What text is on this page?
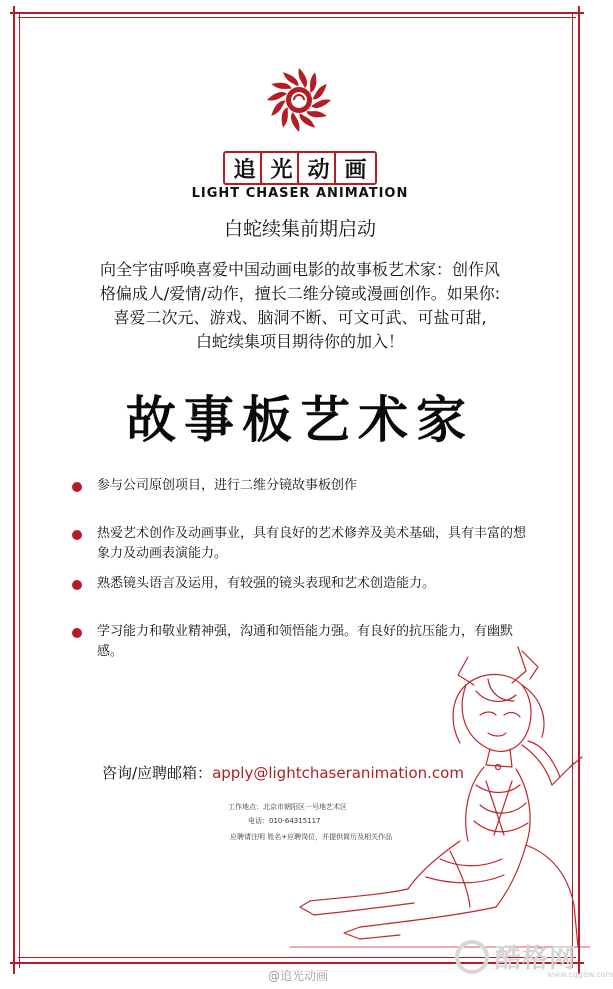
追 光 动 画
LIGHT CHASER ANIMATION
白蛇续集前期启动
向全宇宙呼唤喜爱中国动画电影的故事板艺术家：创作风
格偏成人/爱情/动作，擅长二维分镜或漫画创作。如果你:
喜爱二次元、游戏、脑洞不断、可文可武、可盐可甜,
白蛇续集项目期待你的加入！
故事板艺术家
参与公司原创项目，进行二维分镜故事板创作
热爱艺术创作及动画事业，具有良好的艺术修养及美术基础，具有丰富的想象力及动画表演能力。
熟悉镜头语言及运用，有较强的镜头表现和艺术创造能力。
学习能力和敬业精神强，沟通和领悟能力强。有良好的抗压能力，有幽默感。
咨询/应聘邮箱：apply@lightchaseranimation.com
工作地点：北京市朝阳区一号地艺术区
电话：010-64315117
应聘请注明 姓名+应聘岗位，并提供简历及相关作品
@追光动画
酷格网
www.cggew.com
